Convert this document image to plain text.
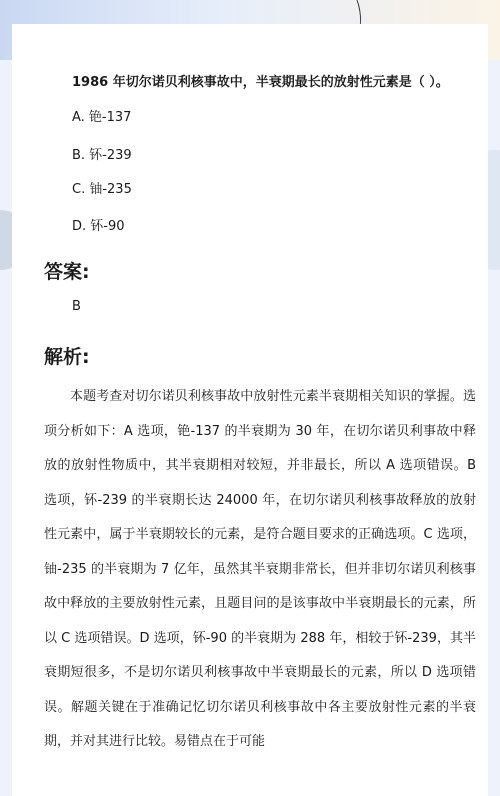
1986 年切尔诺贝利核事故中，半衰期最长的放射性元素是（ ）。
A. 铯-137
B. 钚-239
C. 铀-235
D. 钚-90
答案:
B
解析:

本题考查对切尔诺贝利核事故中放射性元素半衰期相关知识的掌握。选项分析如下：A 选项，铯-137 的半衰期为 30 年，在切尔诺贝利事故中释放的放射性物质中，其半衰期相对较短，并非最长，所以 A 选项错误。B 选项，钚-239 的半衰期长达 24000 年，在切尔诺贝利核事故释放的放射性元素中，属于半衰期较长的元素，是符合题目要求的正确选项。C 选项，铀-235 的半衰期为 7 亿年，虽然其半衰期非常长，但并非切尔诺贝利核事故中释放的主要放射性元素，且题目问的是该事故中半衰期最长的元素，所以 C 选项错误。D 选项，钚-90 的半衰期为 288 年，相较于钚-239，其半衰期短很多，不是切尔诺贝利核事故中半衰期最长的元素，所以 D 选项错误。解题关键在于准确记忆切尔诺贝利核事故中各主要放射性元素的半衰期，并对其进行比较。易错点在于可能
